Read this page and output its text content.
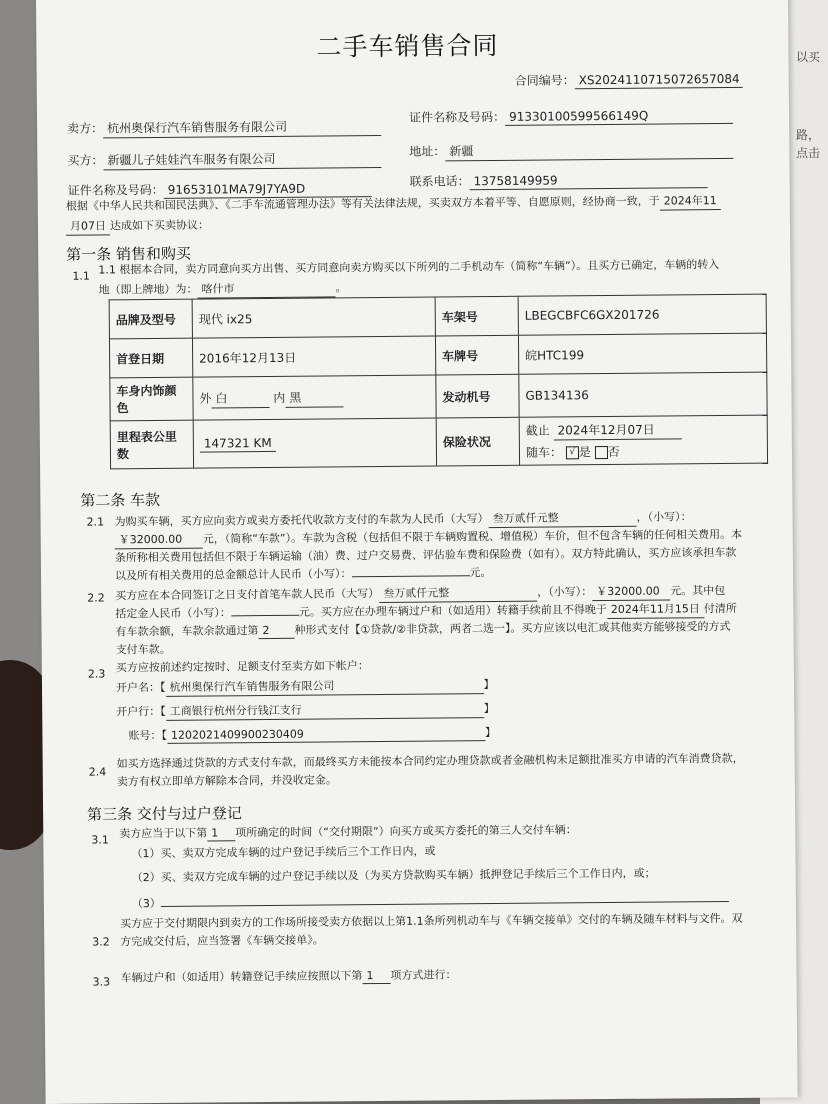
以买
路，
点击
二手车销售合同
合同编号： XS2024110715072657084
卖方： 杭州奥保行汽车销售服务有限公司
证件名称及号码： 91330100599566149Q
买方： 新疆儿子娃娃汽车服务有限公司
地址： 新疆
证件名称及号码： 91653101MA79J7YA9D
联系电话： 13758149959
根据《中华人民共和国民法典》、《二手车流通管理办法》等有关法律法规，买卖双方本着平等、自愿原则，经协商一致，于 2024年11
月07日 达成如下买卖协议：
第一条 销售和购买
1.1 1.1 根据本合同，卖方同意向买方出售、买方同意向卖方购买以下所列的二手机动车（简称“车辆”）。且买方已确定，车辆的转入
地（即上牌地）为： 喀什市	。
品牌及型号	现代 ix25	车架号	LBEGCBFC6GX201726
首登日期	2016年12月13日	车牌号	皖HTC199
车身内饰颜色	外 白 内 黑	发动机号	GB134136
里程表公里数	147321 KM	保险状况	截止 2024年12月07日
随车： √ 是 否
第二条 车款
2.1 为购买车辆，买方应向卖方或卖方委托代收款方支付的车款为人民币（大写） 叁万贰仟元整	，（小写）：
￥32000.00 元，（简称“车款”）。车款为含税（包括但不限于车辆购置税、增值税）车价，但不包含车辆的任何相关费用。本
条所称相关费用包括但不限于车辆运输（油）费、过户交易费、评估验车费和保险费（如有）。双方特此确认，买方应该承担车款
以及所有相关费用的总金额总计人民币（小写）：	元。
2.2 买方应在本合同签订之日支付首笔车款人民币（大写） 叁万贰仟元整	，（小写）： ￥32000.00 元。其中包
括定金人民币（小写）：	元。买方应在办理车辆过户和（如适用）转籍手续前且不得晚于 2024年11月15日 付清所
有车款余额，车款余款通过第 2 种形式支付【①贷款/②非贷款，两者二选一】。买方应该以电汇或其他卖方能够接受的方式
支付车款。
2.3 买方应按前述约定按时、足额支付至卖方如下帐户：
开户名：【 杭州奥保行汽车销售服务有限公司	】
开户行：【 工商银行杭州分行钱江支行	】
账号：【 1202021409900230409	】
2.4
如买方选择通过贷款的方式支付车款，而最终买方未能按本合同约定办理贷款或者金融机构未足额批准买方申请的汽车消费贷款，
卖方有权立即单方解除本合同，并没收定金。
第三条 交付与过户登记
3.1 卖方应当于以下第 1 项所确定的时间（“交付期限”）向买方或买方委托的第三人交付车辆：
（1）买、卖双方完成车辆的过户登记手续后三个工作日内，或
（2）买、卖双方完成车辆的过户登记手续以及（为买方贷款购买车辆）抵押登记手续后三个工作日内，或；
（3）
3.2
买方应于交付期限内到卖方的工作场所接受卖方依据以上第1.1条所列机动车与《车辆交接单》交付的车辆及随车材料与文件。双
方完成交付后，应当签署《车辆交接单》。
3.3 车辆过户和（如适用）转籍登记手续应按照以下第 1 项方式进行：
